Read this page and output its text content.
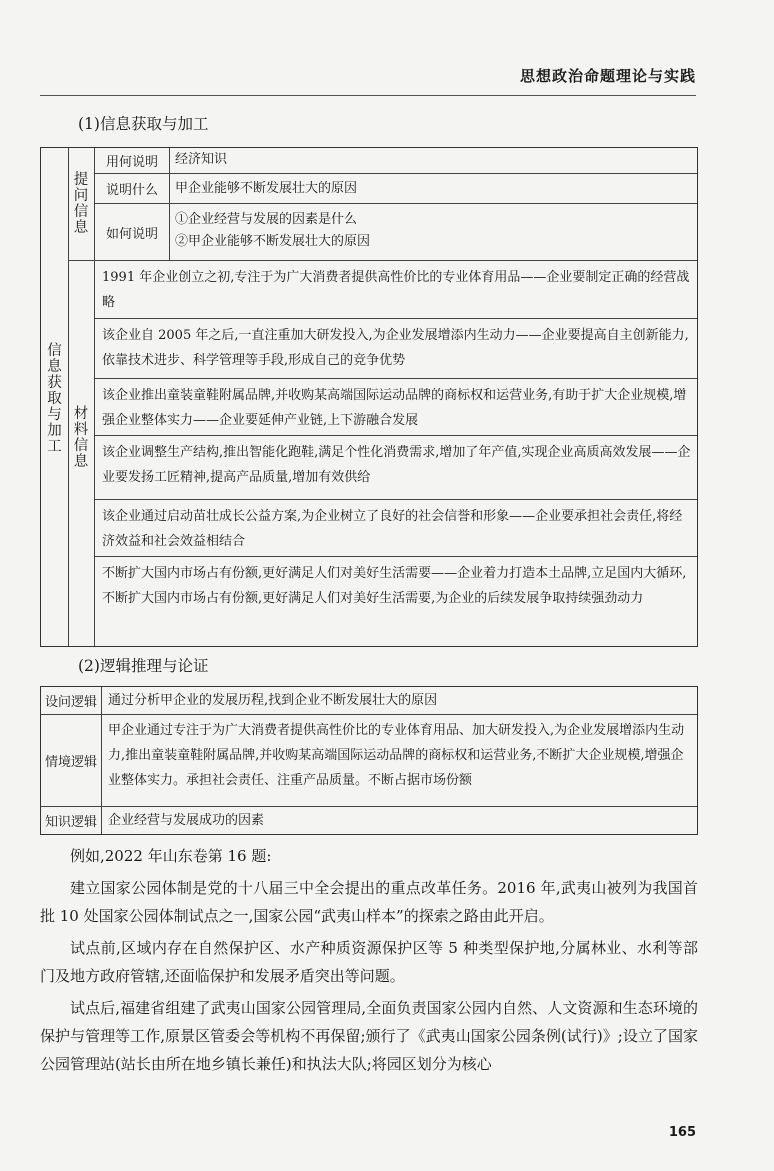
思想政治命题理论与实践
(1)信息获取与加工
信
息
获
取
与
加
工
提
问
信
息
材
料
信
息
用何说明	经济知识
说明什么	甲企业能够不断发展壮大的原因
如何说明
①企业经营与发展的因素是什么
②甲企业能够不断发展壮大的原因
1991 年企业创立之初,专注于为广大消费者提供高性价比的专业体育用品——企业要制定正确的经营战略
该企业自 2005 年之后,一直注重加大研发投入,为企业发展增添内生动力——企业要提高自主创新能力,依靠技术进步、科学管理等手段,形成自己的竞争优势
该企业推出童装童鞋附属品牌,并收购某高端国际运动品牌的商标权和运营业务,有助于扩大企业规模,增强企业整体实力——企业要延伸产业链,上下游融合发展
该企业调整生产结构,推出智能化跑鞋,满足个性化消费需求,增加了年产值,实现企业高质高效发展——企业要发扬工匠精神,提高产品质量,增加有效供给
该企业通过启动苗壮成长公益方案,为企业树立了良好的社会信誉和形象——企业要承担社会责任,将经济效益和社会效益相结合
不断扩大国内市场占有份额,更好满足人们对美好生活需要——企业着力打造本土品牌,立足国内大循环,不断扩大国内市场占有份额,更好满足人们对美好生活需要,为企业的后续发展争取持续强劲动力
(2)逻辑推理与论证
设问逻辑 通过分析甲企业的发展历程,找到企业不断发展壮大的原因
情境逻辑
甲企业通过专注于为广大消费者提供高性价比的专业体育用品、加大研发投入,为企业发展增添内生动力,推出童装童鞋附属品牌,并收购某高端国际运动品牌的商标权和运营业务,不断扩大企业规模,增强企业整体实力。承担社会责任、注重产品质量。不断占据市场份额
知识逻辑 企业经营与发展成功的因素

例如,2022 年山东卷第 16 题:

建立国家公园体制是党的十八届三中全会提出的重点改革任务。2016 年,武夷山被列为我国首批 10 处国家公园体制试点之一,国家公园“武夷山样本”的探索之路由此开启。

试点前,区域内存在自然保护区、水产种质资源保护区等 5 种类型保护地,分属林业、水利等部门及地方政府管辖,还面临保护和发展矛盾突出等问题。

试点后,福建省组建了武夷山国家公园管理局,全面负责国家公园内自然、人文资源和生态环境的保护与管理等工作,原景区管委会等机构不再保留;颁行了《武夷山国家公园条例(试行)》;设立了国家公园管理站(站长由所在地乡镇长兼任)和执法大队;将园区划分为核心

165
